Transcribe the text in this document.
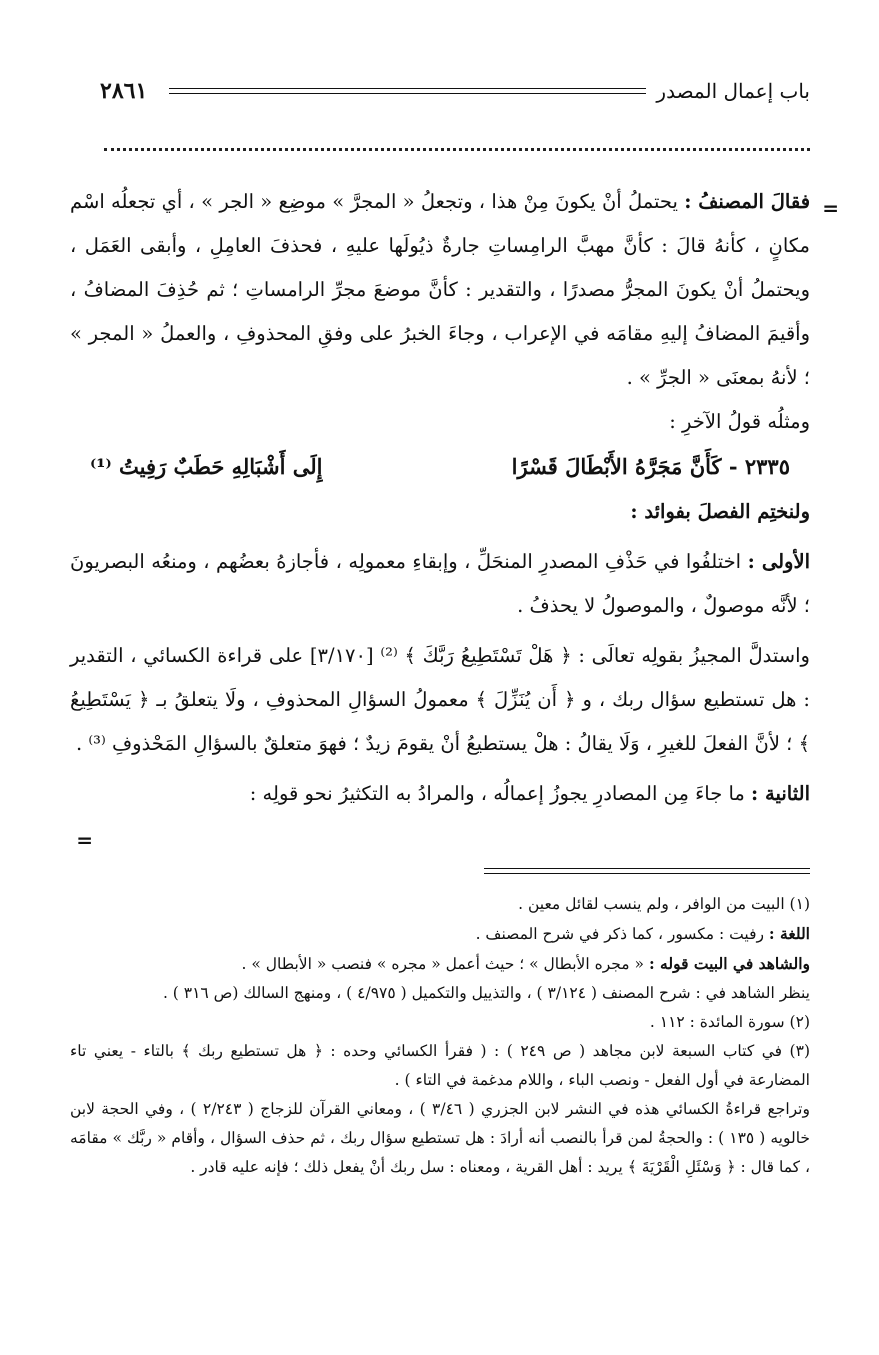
٢٨٦١	باب إعمال المصدر
=
=

فقالَ المصنفُ : يحتملُ أنْ يكونَ مِنْ هذا ، وتجعلُ « المجرَّ » موضِع « الجر » ، أي تجعلُه اسْم مكانٍ ، كأنهُ قالَ : كأنَّ مهبَّ الرامِساتِ جارةٌ ذيُولَها عليهِ ، فحذفَ العامِلِ ، وأبقى العَمَل ، ويحتملُ أنْ يكونَ المجرُّ مصدرًا ، والتقدير : كأنَّ موضعَ مجرِّ الرامساتِ ؛ ثم حُذِفَ المضافُ ، وأقيمَ المضافُ إليهِ مقامَه في الإعراب ، وجاءَ الخبرُ على وفقِ المحذوفِ ، والعملُ « المجر » ؛ لأنهُ بمعنَى « الجرِّ » .

ومثلُه قولُ الآخرِ :

٢٣٣٥ - كَأَنَّ مَجَرَّهُ الأَبْطَالَ قَسْرًا
إِلَى أَشْبَالِهِ حَطَبٌ رَفِيتُ ⁽¹⁾

ولنختِم الفصلَ بفوائد :

الأولى : اختلفُوا في حَذْفِ المصدرِ المنحَلِّ ، وإبقاءِ معمولِه ، فأجازهُ بعضُهم ، ومنعُه البصريونَ ؛ لأنَّه موصولٌ ، والموصولُ لا يحذفُ .

واستدلَّ المجيزُ بقولِه تعالَى : ﴿ هَلْ تَسْتَطِيعُ رَبَّكَ ﴾ ⁽²⁾ [٣/١٧٠] على قراءة الكسائي ، التقدير : هل تستطيع سؤال ربك ، و ﴿ أَن يُنَزِّلَ ﴾ معمولُ السؤالِ المحذوفِ ، ولَا يتعلقُ بـ ﴿ يَسْتَطِيعُ ﴾ ؛ لأنَّ الفعلَ للغيرِ ، وَلَا يقالُ : هلْ يستطيعُ أنْ يقومَ زيدٌ ؛ فهوَ متعلقٌ بالسؤالِ المَحْذوفِ ⁽³⁾ .

الثانية : ما جاءَ مِن المصادرِ يجوزُ إعمالُه ، والمرادُ به التكثيرُ نحو قولِه :

(١) البيت من الوافر ، ولم ينسب لقائل معين .

اللغة : رفيت : مكسور ، كما ذكر في شرح المصنف .

والشاهد في البيت قوله : « مجره الأبطال » ؛ حيث أعمل « مجره » فنصب « الأبطال » .

ينظر الشاهد في : شرح المصنف ( ٣/١٢٤ ) ، والتذييل والتكميل ( ٤/٩٧٥ ) ، ومنهج السالك (ص ٣١٦ ) .

(٢) سورة المائدة : ١١٢ .

(٣) في كتاب السبعة لابن مجاهد ( ص ٢٤٩ ) : ( فقرأ الكسائي وحده : ﴿ هل تستطيع ربك ﴾ بالتاء - يعني تاء المضارعة في أول الفعل - ونصب الباء ، واللام مدغمة في التاء ) .

وتراجع قراءةُ الكسائي هذه في النشر لابن الجزري ( ٣/٤٦ ) ، ومعاني القرآن للزجاج ( ٢/٢٤٣ ) ، وفي الحجة لابن خالويه ( ١٣٥ ) : والحجةُ لمن قرأ بالنصب أنه أرادَ : هل تستطيع سؤال ربك ، ثم حذف السؤال ، وأقام « ربَّك » مقامَه ، كما قال : ﴿ وَسْئَلِ الْقَرْيَةَ ﴾ يريد : أهل القرية ، ومعناه : سل ربك أنْ يفعل ذلك ؛ فإنه عليه قادر .
